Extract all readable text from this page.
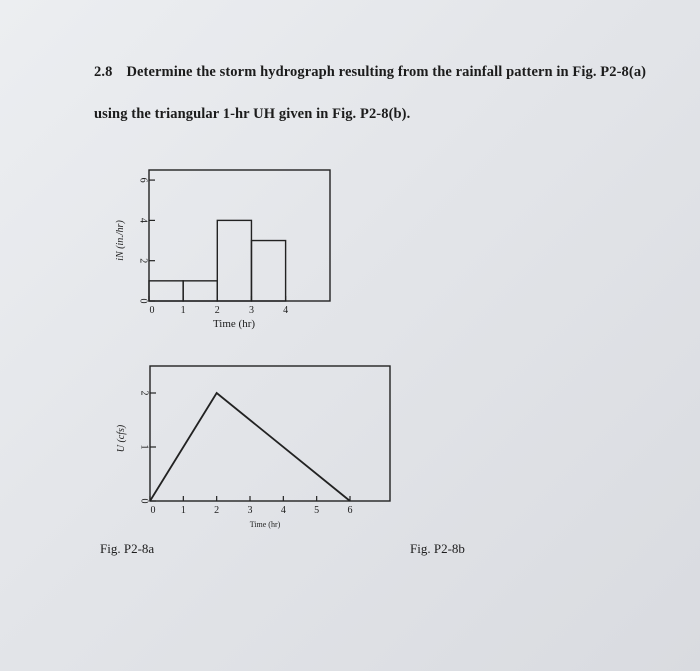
2.8 Determine the storm hydrograph resulting from the rainfall pattern in Fig. P2-8(a)
using the triangular 1-hr UH given in Fig. P2-8(b).
0
2
4
6
0	1	2	3	4
Time (hr)
iN (in./hr)
0
1
2
0	1	2	3	4	5	6
Time (hr)
U (cfs)
Fig. P2-8a	Fig. P2-8b
